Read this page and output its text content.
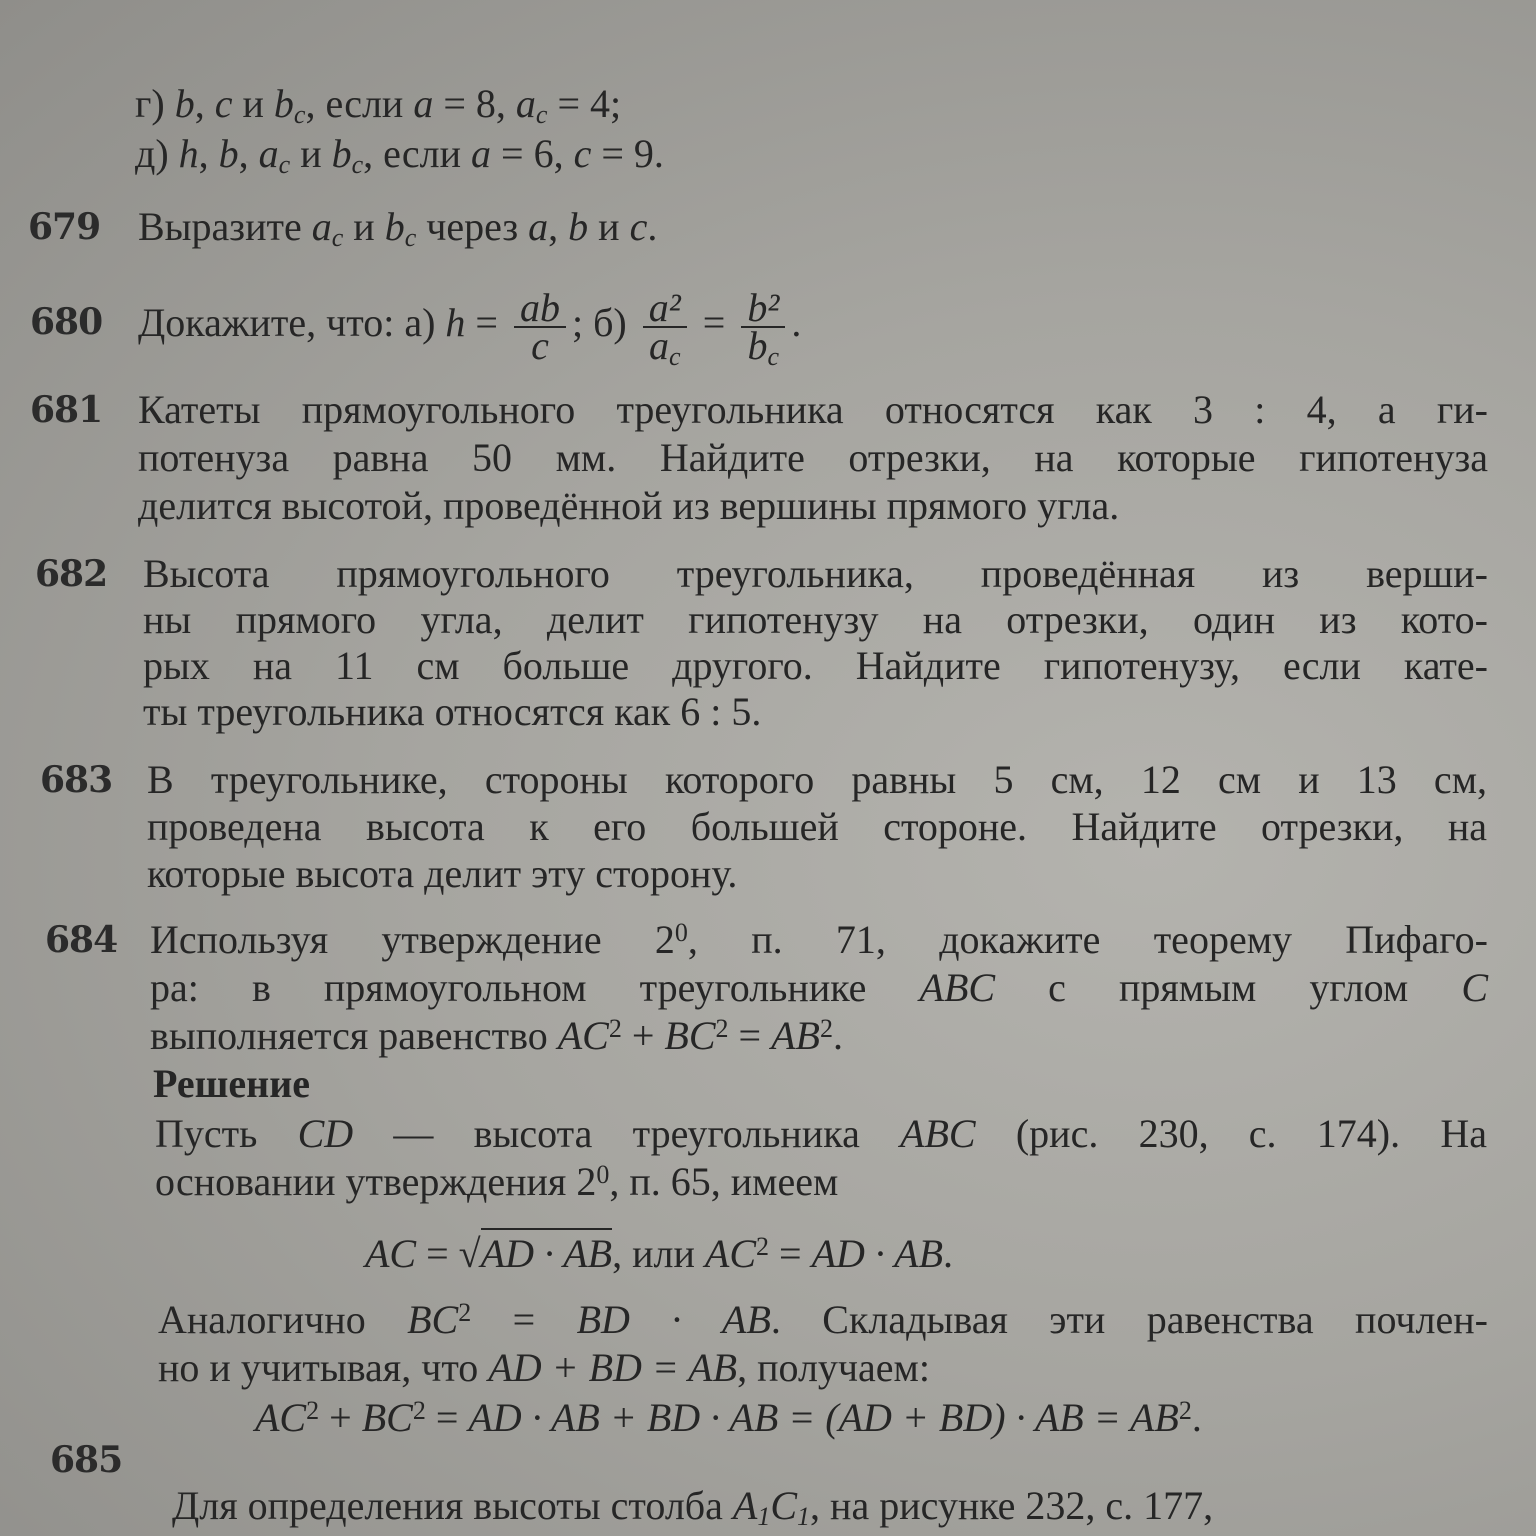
679
680
681
682
683
684
685
г) b, c и $b_c$, если a = 8, $a_c = 4$;
д) h, b, $a_c$ и $b_c$, если a = 6, c = 9.
Выразите $a_c$ и $b_c$ через a, b и c.
Докажите, что: а) $h = \frac{ab}{c}$ ; $б) \frac{\text{a²}}{a_c} = \frac{\text{b²}}{b_c}$ .
Катеты прямоугольного треугольника относятся как 3 : 4, а ги-
потенуза равна 50 мм. Найдите отрезки, на которые гипотенуза
делится высотой, проведённой из вершины прямого угла.
Высота прямоугольного треугольника, проведённая из верши-
ны прямого угла, делит гипотенузу на отрезки, один из кото-
рых на 11 см больше другого. Найдите гипотенузу, если кате-
ты треугольника относятся как 6 : 5.
В треугольнике, стороны которого равны 5 см, 12 см и 13 см,
проведена высота к его большей стороне. Найдите отрезки, на
которые высота делит эту сторону.
Используя утверждение $2^0$, п. 71, докажите теорему Пифаго-
ра: в прямоугольном треугольнике ABC с прямым углом C
выполняется равенство $AC^2 + BC^2 = AB^2$.
Решение
Пусть CD — высота треугольника ABC (рис. 230, с. 174). На
основании утверждения $2^0$, п. 65, имеем
AC = √AD · AB, или $AC^2$ = AD · AB.
Аналогично $BC^2$ = BD · AB. Складывая эти равенства почлен-
но и учитывая, что AD + BD = AB, получаем:
$AC^2 + BC^2$ = AD · AB + BD · AB = (AD + BD) · AB = $AB^2$.
Для определения высоты столба $A_1C_1$, на рисунке 232, с. 177,
